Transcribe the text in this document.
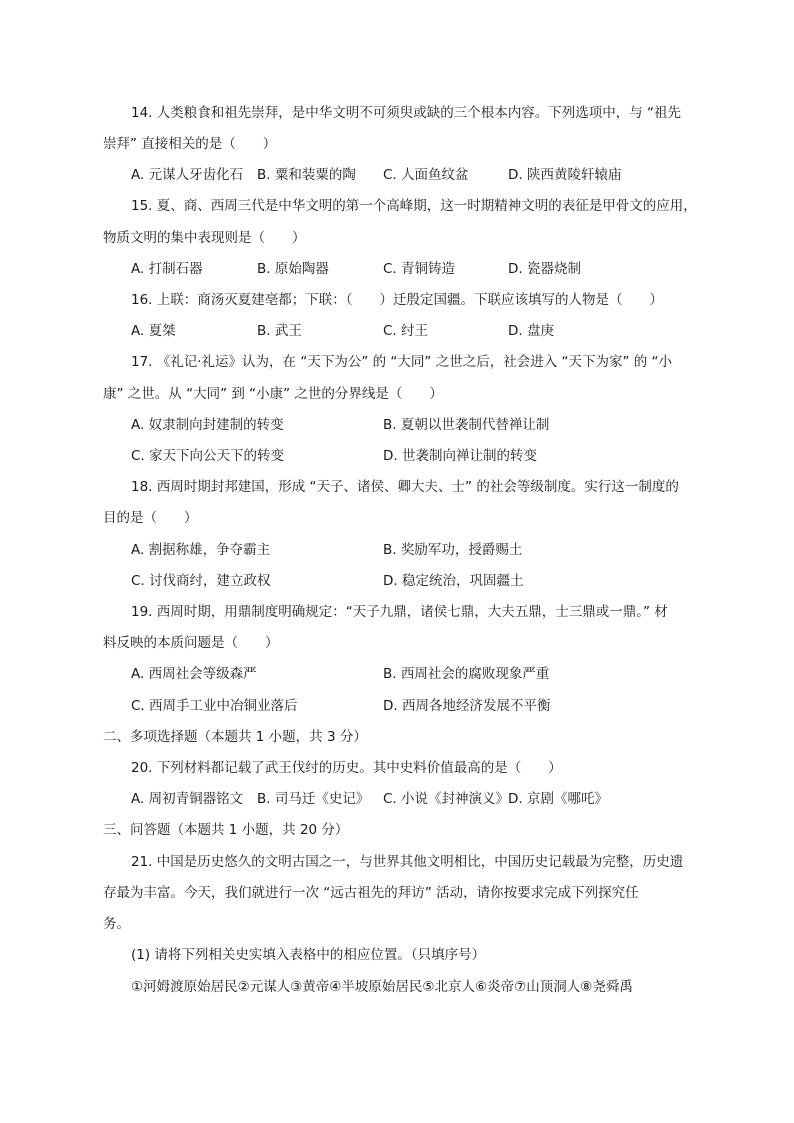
14. 人类粮食和祖先崇拜，是中华文明不可须臾或缺的三个根本内容。下列选项中，与 “祖先
崇拜” 直接相关的是（　　）
A. 元谋人牙齿化石 B. 粟和装粟的陶 C. 人面鱼纹盆	D. 陕西黄陵轩辕庙
15. 夏、商、西周三代是中华文明的第一个高峰期，这一时期精神文明的表征是甲骨文的应用，
物质文明的集中表现则是（　　）
A. 打制石器	B. 原始陶器	C. 青铜铸造	D. 瓷器烧制
16. 上联：商汤灭夏建亳都；下联：（　　）迁殷定国疆。下联应该填写的人物是（　　）
A. 夏桀	B. 武王	C. 纣王	D. 盘庚
17. 《礼记·礼运》认为，在 “天下为公” 的 “大同” 之世之后，社会进入 “天下为家” 的 “小
康” 之世。从 “大同” 到 “小康” 之世的分界线是（　　）
A. 奴隶制向封建制的转变	B. 夏朝以世袭制代替禅让制
C. 家天下向公天下的转变	D. 世袭制向禅让制的转变
18. 西周时期封邦建国，形成 “天子、诸侯、卿大夫、士” 的社会等级制度。实行这一制度的
目的是（　　）
A. 割据称雄，争夺霸主	B. 奖励军功，授爵赐土
C. 讨伐商纣，建立政权	D. 稳定统治，巩固疆土
19. 西周时期，用鼎制度明确规定：“天子九鼎，诸侯七鼎，大夫五鼎，士三鼎或一鼎。” 材
料反映的本质问题是（　　）
A. 西周社会等级森严	B. 西周社会的腐败现象严重
C. 西周手工业中冶铜业落后	D. 西周各地经济发展不平衡
二、多项选择题（本题共 1 小题，共 3 分）
20. 下列材料都记载了武王伐纣的历史。其中史料价值最高的是（　　）
A. 周初青铜器铭文 B. 司马迁《史记》 C. 小说《封神演义》
D. 京剧《哪吒》
三、问答题（本题共 1 小题，共 20 分）
21. 中国是历史悠久的文明古国之一，与世界其他文明相比，中国历史记载最为完整，历史遗
存最为丰富。今天，我们就进行一次 “远古祖先的拜访” 活动，请你按要求完成下列探究任
务。
(1) 请将下列相关史实填入表格中的相应位置。（只填序号）
①河姆渡原始居民②元谋人③黄帝④半坡原始居民⑤北京人⑥炎帝⑦山顶洞人⑧尧舜禹
